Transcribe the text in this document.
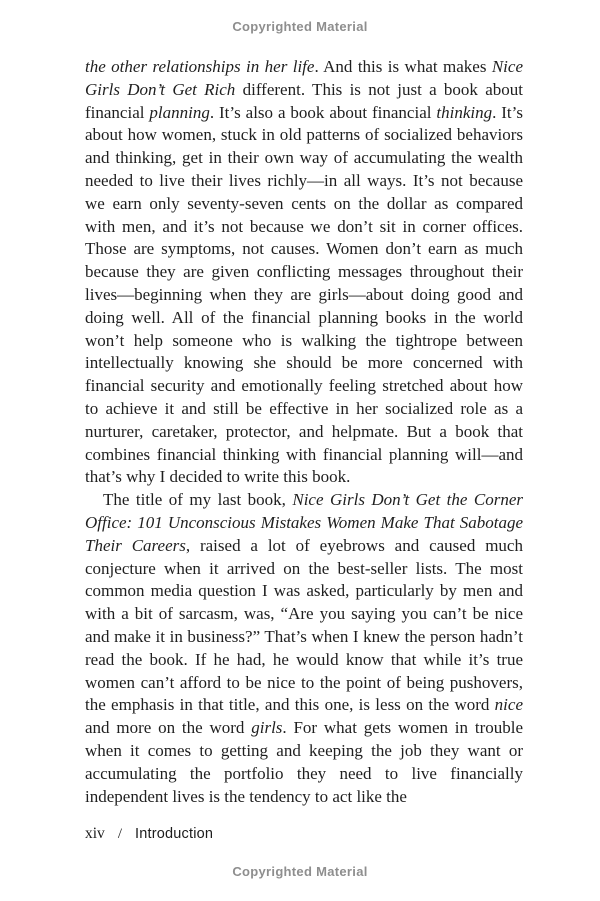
Copyrighted Material

the other relationships in her life. And this is what makes Nice Girls Don’t Get Rich different. This is not just a book about financial planning. It’s also a book about financial thinking. It’s about how women, stuck in old patterns of socialized behaviors and thinking, get in their own way of accumulating the wealth needed to live their lives richly—in all ways. It’s not because we earn only seventy-seven cents on the dollar as compared with men, and it’s not because we don’t sit in corner offices. Those are symptoms, not causes. Women don’t earn as much because they are given conflicting messages throughout their lives—beginning when they are girls—about doing good and doing well. All of the financial planning books in the world won’t help someone who is walking the tightrope between intellectually knowing she should be more concerned with financial security and emotionally feeling stretched about how to achieve it and still be effective in her socialized role as a nurturer, caretaker, protector, and helpmate. But a book that combines financial thinking with financial planning will—and that’s why I decided to write this book.

The title of my last book, Nice Girls Don’t Get the Corner Office: 101 Unconscious Mistakes Women Make That Sabotage Their Careers, raised a lot of eyebrows and caused much conjecture when it arrived on the best-seller lists. The most common media question I was asked, particularly by men and with a bit of sarcasm, was, “Are you saying you can’t be nice and make it in business?” That’s when I knew the person hadn’t read the book. If he had, he would know that while it’s true women can’t afford to be nice to the point of being pushovers, the emphasis in that title, and this one, is less on the word nice and more on the word girls. For what gets women in trouble when it comes to getting and keeping the job they want or accumulating the portfolio they need to live financially independent lives is the tendency to act like the

xiv / Introduction
Copyrighted Material
